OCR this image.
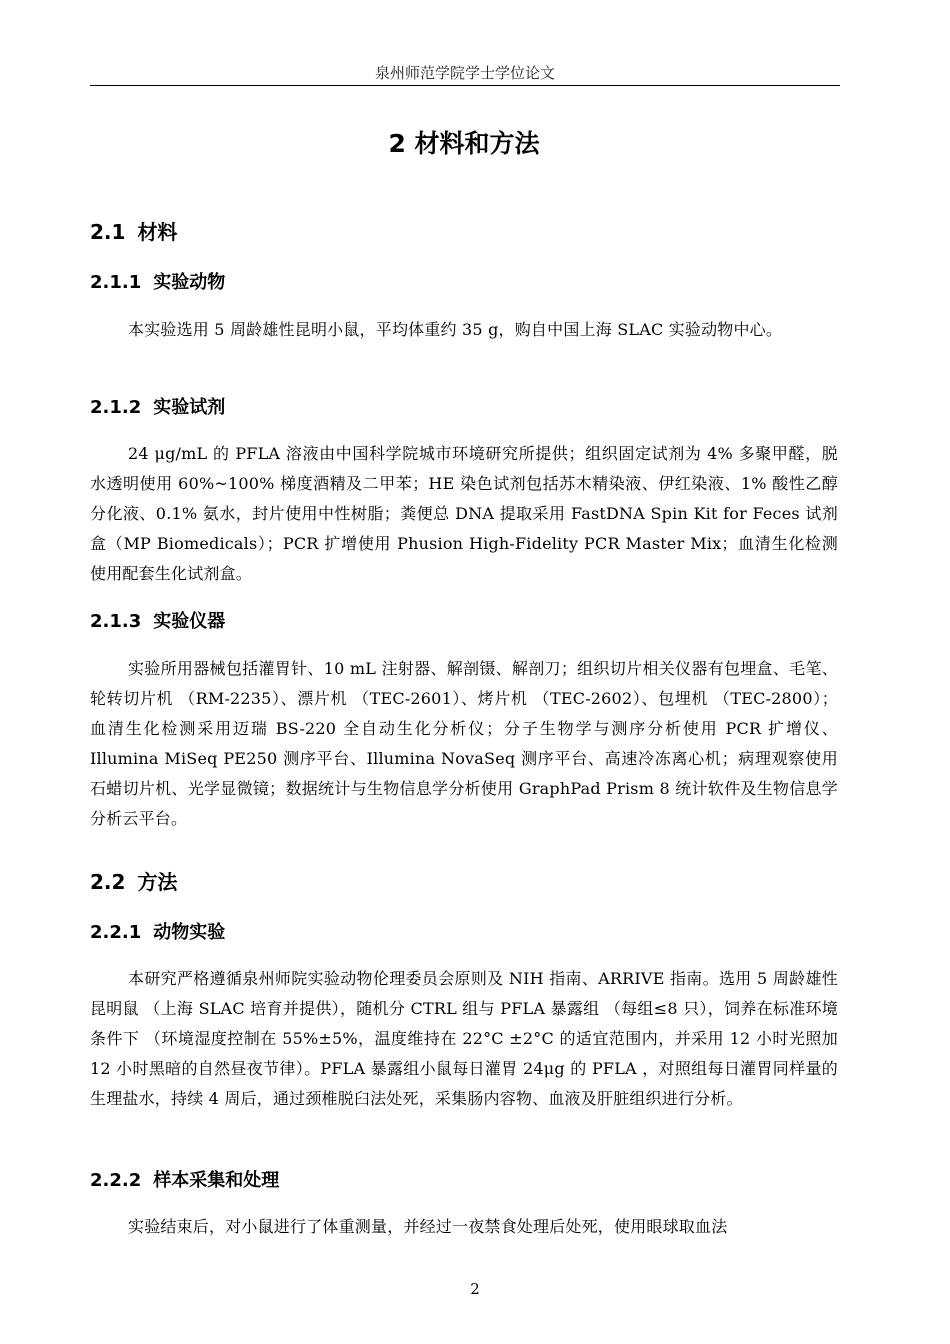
泉州师范学院学士学位论文
2 材料和方法
2.1 材料
2.1.1 实验动物

本实验选用 5 周龄雄性昆明小鼠，平均体重约 35 g，购自中国上海 SLAC 实验动物中心。

2.1.2 实验试剂

24 μg/mL 的 PFLA 溶液由中国科学院城市环境研究所提供；组织固定试剂为 4% 多聚甲醛，脱水透明使用 60%~100% 梯度酒精及二甲苯；HE 染色试剂包括苏木精染液、伊红染液、1% 酸性乙醇分化液、0.1% 氨水，封片使用中性树脂；粪便总 DNA 提取采用 FastDNA Spin Kit for Feces 试剂盒（MP Biomedicals）；PCR 扩增使用 Phusion High-Fidelity PCR Master Mix；血清生化检测使用配套生化试剂盒。

2.1.3 实验仪器

实验所用器械包括灌胃针、10 mL 注射器、解剖镊、解剖刀；组织切片相关仪器有包埋盒、毛笔、轮转切片机 （RM-2235）、漂片机 （TEC-2601）、烤片机 （TEC-2602）、包埋机 （TEC-2800）；血清生化检测采用迈瑞 BS-220 全自动生化分析仪；分子生物学与测序分析使用 PCR 扩增仪、Illumina MiSeq PE250 测序平台、Illumina NovaSeq 测序平台、高速冷冻离心机；病理观察使用石蜡切片机、光学显微镜；数据统计与生物信息学分析使用 GraphPad Prism 8 统计软件及生物信息学分析云平台。

2.2 方法
2.2.1 动物实验

本研究严格遵循泉州师院实验动物伦理委员会原则及 NIH 指南、ARRIVE 指南。选用 5 周龄雄性昆明鼠 （上海 SLAC 培育并提供），随机分 CTRL 组与 PFLA 暴露组 （每组≤8 只），饲养在标准环境条件下 （环境湿度控制在 55%±5%，温度维持在 22°C ±2°C 的适宜范围内，并采用 12 小时光照加 12 小时黑暗的自然昼夜节律）。PFLA 暴露组小鼠每日灌胃 24μg 的 PFLA ，对照组每日灌胃同样量的生理盐水，持续 4 周后，通过颈椎脱臼法处死，采集肠内容物、血液及肝脏组织进行分析。

2.2.2 样本采集和处理

实验结束后，对小鼠进行了体重测量，并经过一夜禁食处理后处死，使用眼球取血法

2
